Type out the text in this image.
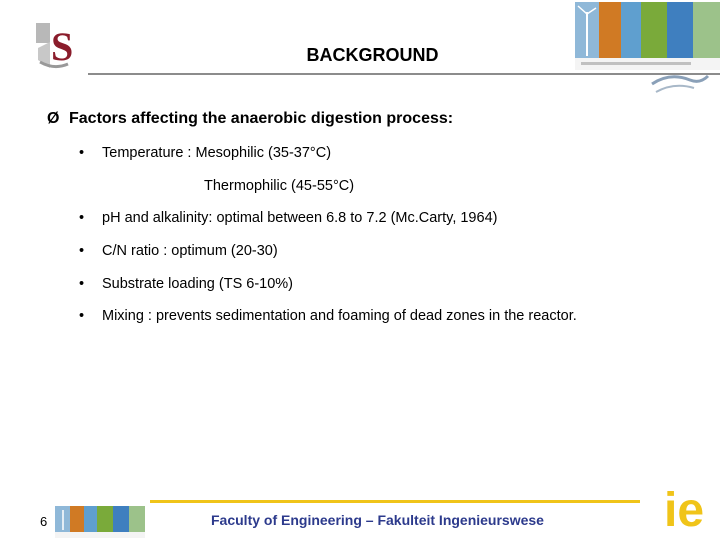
S	BACKGROUND
Ø Factors affecting the anaerobic digestion process:
• Temperature : Mesophilic (35-37°C)
Thermophilic (45-55°C)
• pH and alkalinity: optimal between 6.8 to 7.2 (Mc.Carty, 1964)
• C/N ratio : optimum (20-30)
• Substrate loading (TS 6-10%)
• Mixing : prevents sedimentation and foaming of dead zones in the reactor.
6	Faculty of Engineering – Fakulteit Ingenieurswese	ie
